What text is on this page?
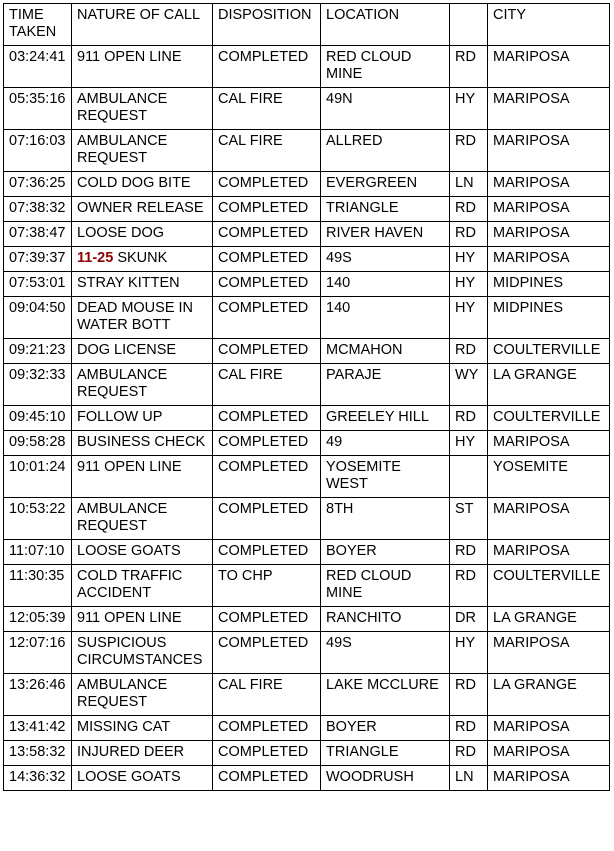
TIME TAKEN	NATURE OF CALL	DISPOSITION	LOCATION		CITY
03:24:41	911 OPEN LINE	COMPLETED	RED CLOUD MINE	RD	MARIPOSA
05:35:16	AMBULANCE REQUEST	CAL FIRE	49N	HY	MARIPOSA
07:16:03	AMBULANCE REQUEST	CAL FIRE	ALLRED	RD	MARIPOSA
07:36:25	COLD DOG BITE	COMPLETED	EVERGREEN	LN	MARIPOSA
07:38:32	OWNER RELEASE	COMPLETED	TRIANGLE	RD	MARIPOSA
07:38:47	LOOSE DOG	COMPLETED	RIVER HAVEN	RD	MARIPOSA
07:39:37	11-25 SKUNK	COMPLETED	49S	HY	MARIPOSA
07:53:01	STRAY KITTEN	COMPLETED	140	HY	MIDPINES
09:04:50	DEAD MOUSE IN WATER BOTT	COMPLETED	140	HY	MIDPINES
09:21:23	DOG LICENSE	COMPLETED	MCMAHON	RD	COULTERVILLE
09:32:33	AMBULANCE REQUEST	CAL FIRE	PARAJE	WY	LA GRANGE
09:45:10	FOLLOW UP	COMPLETED	GREELEY HILL	RD	COULTERVILLE
09:58:28	BUSINESS CHECK	COMPLETED	49	HY	MARIPOSA
10:01:24	911 OPEN LINE	COMPLETED	YOSEMITE WEST		YOSEMITE
10:53:22	AMBULANCE REQUEST	COMPLETED	8TH	ST	MARIPOSA
11:07:10	LOOSE GOATS	COMPLETED	BOYER	RD	MARIPOSA
11:30:35	COLD TRAFFIC ACCIDENT	TO CHP	RED CLOUD MINE	RD	COULTERVILLE
12:05:39	911 OPEN LINE	COMPLETED	RANCHITO	DR	LA GRANGE
12:07:16	SUSPICIOUS CIRCUMSTANCES	COMPLETED	49S	HY	MARIPOSA
13:26:46	AMBULANCE REQUEST	CAL FIRE	LAKE MCCLURE	RD	LA GRANGE
13:41:42	MISSING CAT	COMPLETED	BOYER	RD	MARIPOSA
13:58:32	INJURED DEER	COMPLETED	TRIANGLE	RD	MARIPOSA
14:36:32	LOOSE GOATS	COMPLETED	WOODRUSH	LN	MARIPOSA
